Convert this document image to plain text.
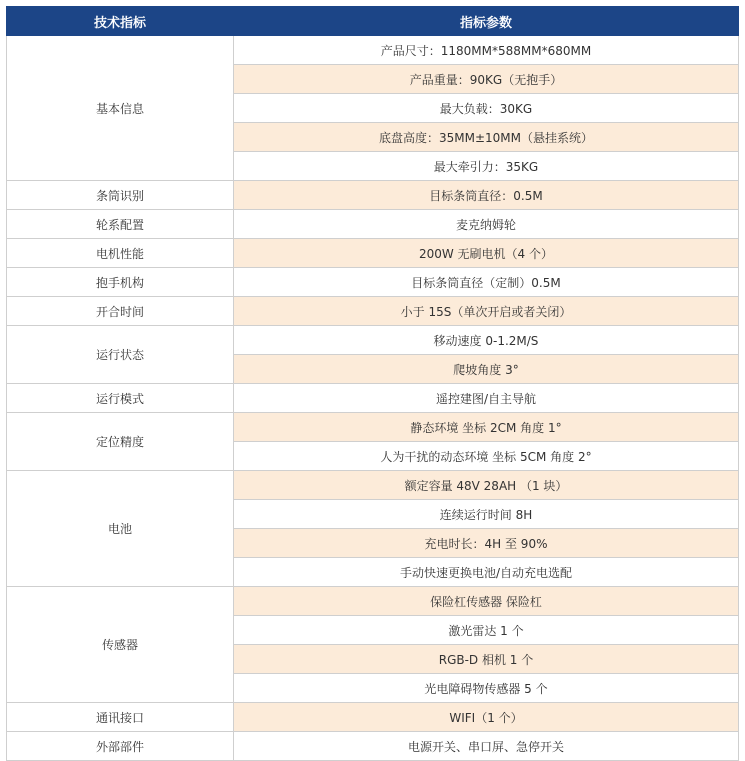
技术指标	指标参数
基本信息	产品尺寸：1180MM*588MM*680MM
	产品重量：90KG（无抱手）
	最大负载：30KG
	底盘高度：35MM±10MM（悬挂系统）
	最大牵引力：35KG
条筒识别	目标条筒直径：0.5M
轮系配置	麦克纳姆轮
电机性能	200W 无刷电机（4 个）
抱手机构	目标条筒直径（定制）0.5M
开合时间	小于 15S（单次开启或者关闭）
运行状态	移动速度 0-1.2M/S
	爬坡角度 3°
运行模式	遥控建图/自主导航
定位精度	静态环境 坐标 2CM 角度 1°
	人为干扰的动态环境 坐标 5CM 角度 2°
电池	额定容量 48V 28AH （1 块）
	连续运行时间 8H
	充电时长：4H 至 90%
	手动快速更换电池/自动充电选配
传感器	保险杠传感器 保险杠
	激光雷达 1 个
	RGB-D 相机 1 个
	光电障碍物传感器 5 个
通讯接口	WIFI（1 个）
外部部件	电源开关、串口屏、急停开关
